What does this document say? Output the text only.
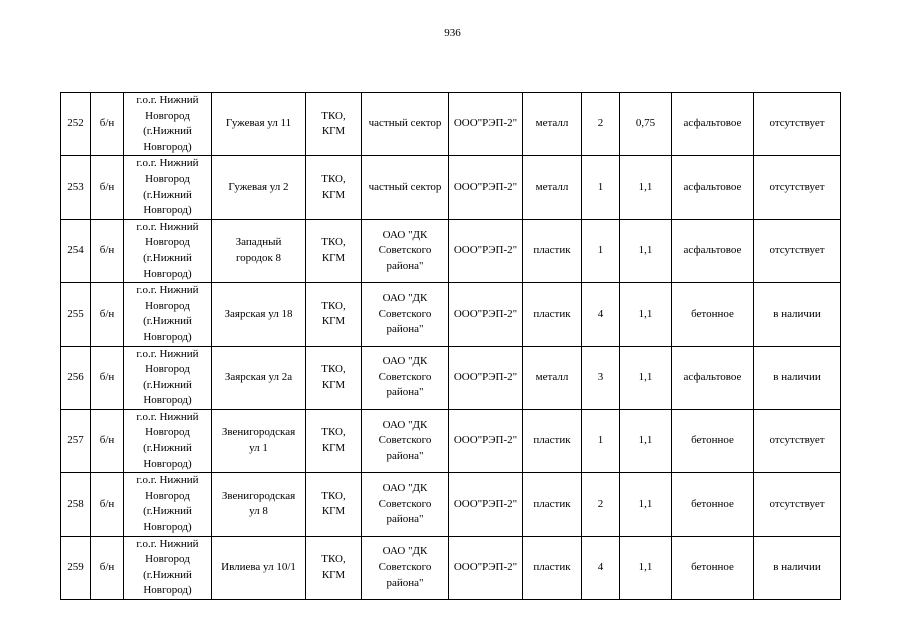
936
252	б/н	г.о.г. Нижний
Новгород
(г.Нижний
Новгород)	Гужевая ул 11	ТКО,
КГМ	частный сектор	ООО"РЭП-2"	металл	2	0,75	асфальтовое	отсутствует
253	б/н	г.о.г. Нижний
Новгород
(г.Нижний
Новгород)	Гужевая ул 2	ТКО,
КГМ	частный сектор	ООО"РЭП-2"	металл	1	1,1	асфальтовое	отсутствует
254	б/н	г.о.г. Нижний
Новгород
(г.Нижний
Новгород)	Западный
городок 8	ТКО,
КГМ	ОАО "ДК
Советского
района"	ООО"РЭП-2"	пластик	1	1,1	асфальтовое	отсутствует
255	б/н	г.о.г. Нижний
Новгород
(г.Нижний
Новгород)	Заярская ул 18	ТКО,
КГМ	ОАО "ДК
Советского
района"	ООО"РЭП-2"	пластик	4	1,1	бетонное	в наличии
256	б/н	г.о.г. Нижний
Новгород
(г.Нижний
Новгород)	Заярская ул 2а	ТКО,
КГМ	ОАО "ДК
Советского
района"	ООО"РЭП-2"	металл	3	1,1	асфальтовое	в наличии
257	б/н	г.о.г. Нижний
Новгород
(г.Нижний
Новгород)	Звенигородская
ул 1	ТКО,
КГМ	ОАО "ДК
Советского
района"	ООО"РЭП-2"	пластик	1	1,1	бетонное	отсутствует
258	б/н	г.о.г. Нижний
Новгород
(г.Нижний
Новгород)	Звенигородская
ул 8	ТКО,
КГМ	ОАО "ДК
Советского
района"	ООО"РЭП-2"	пластик	2	1,1	бетонное	отсутствует
259	б/н	г.о.г. Нижний
Новгород
(г.Нижний
Новгород)	Ивлиева ул 10/1	ТКО,
КГМ	ОАО "ДК
Советского
района"	ООО"РЭП-2"	пластик	4	1,1	бетонное	в наличии
